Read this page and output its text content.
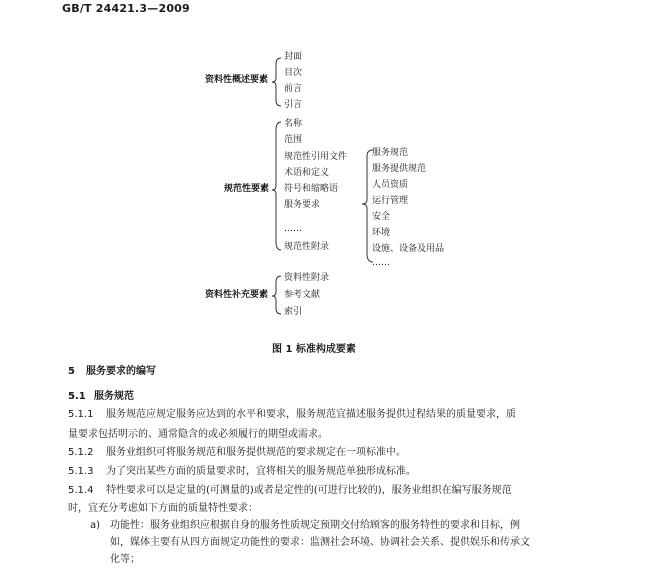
GB/T 24421.3—2009
资料性概述要素
封面
目次
前言
引言
规范性要素
名称
范围
规范性引用文件
术语和定义
符号和缩略语
服务要求
……
规范性附录
服务规范
服务提供规范
人员资质
运行管理
安全
环境
设施、设备及用品
……
资料性补充要素
资料性附录
参考文献
索引
图 1 标准构成要素
5 服务要求的编写
5.1 服务规范
5.1.1 服务规范应规定服务应达到的水平和要求，服务规范宜描述服务提供过程结果的质量要求，质
量要求包括明示的、通常隐含的或必须履行的期望或需求。
5.1.2 服务业组织可将服务规范和服务提供规范的要求规定在一项标准中。
5.1.3 为了突出某些方面的质量要求时，宜将相关的服务规范单独形成标准。
5.1.4 特性要求可以是定量的(可测量的)或者是定性的(可进行比较的)，服务业组织在编写服务规范
时，宜充分考虑如下方面的质量特性要求：
a) 功能性：服务业组织应根据自身的服务性质规定预期交付给顾客的服务特性的要求和目标，例
如，媒体主要有从四方面规定功能性的要求：监测社会环境、协调社会关系、提供娱乐和传承文
化等；
